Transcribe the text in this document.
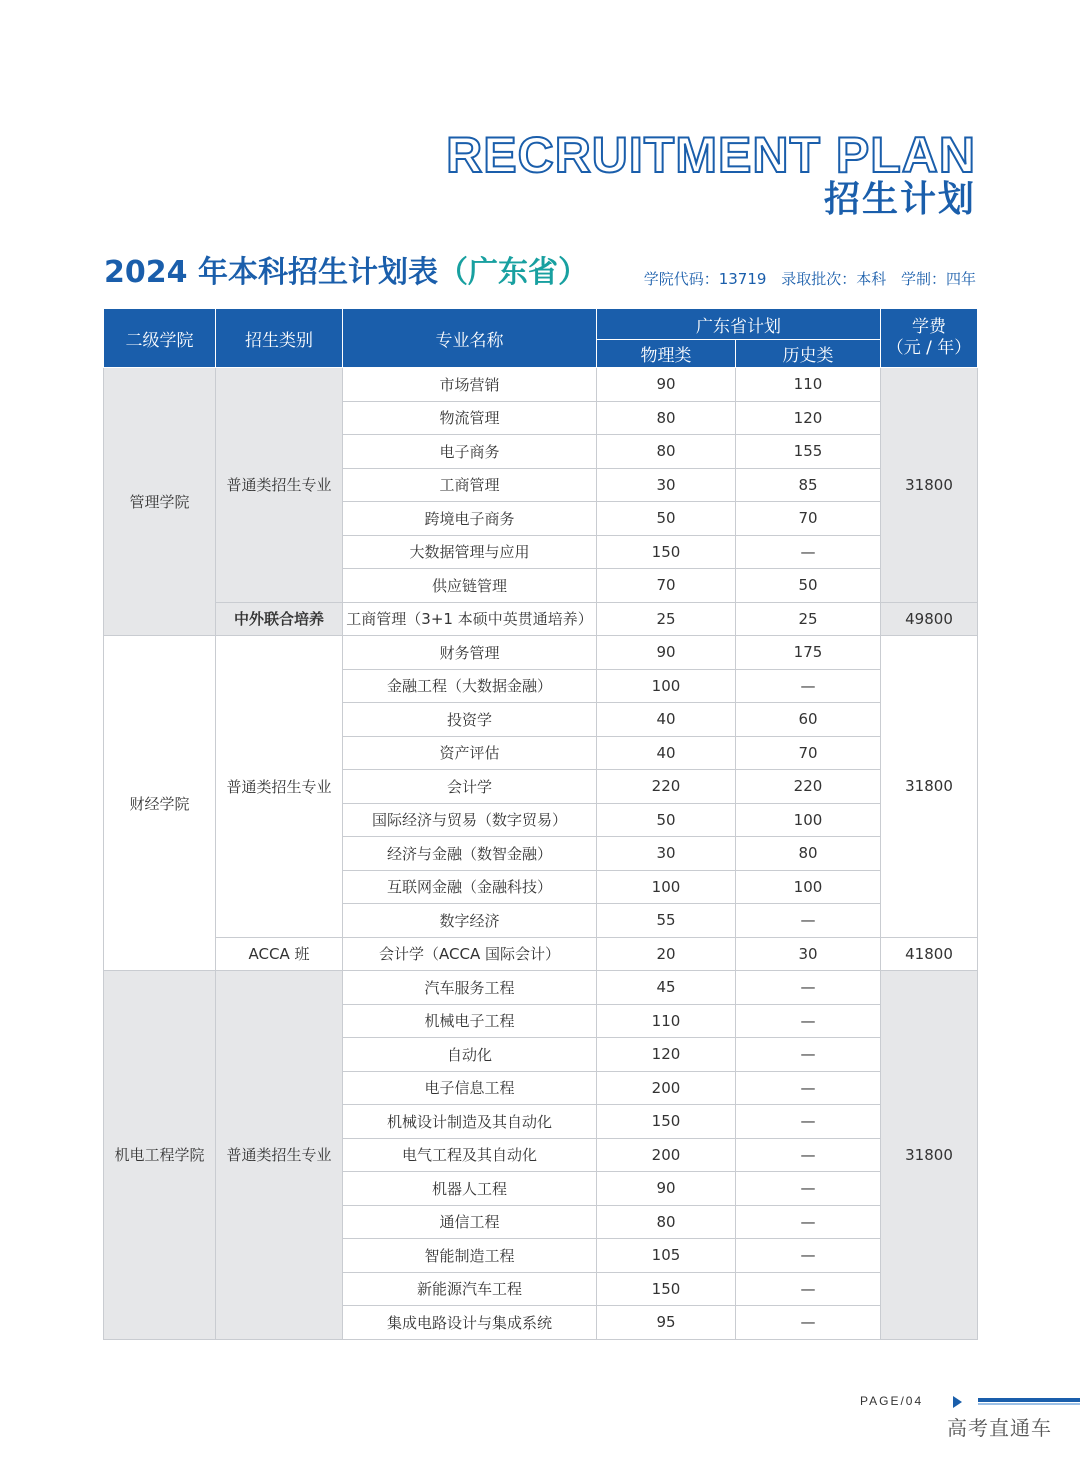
RECRUITMENT PLAN
招生计划
2024 年本科招生计划表（广东省）	学院代码：13719 录取批次：本科 学制：四年
二级学院	招生类别	专业名称	广东省计划		学费
（元 / 年）

			物理类	历史类	
管理学院	普通类招生专业	市场营销	90	110	31800
		物流管理	80	120	
		电子商务	80	155	
		工商管理	30	85	
		跨境电子商务	50	70	
		大数据管理与应用	150	—	
		供应链管理	70	50	
	中外联合培养	工商管理（3+1 本硕中英贯通培养）	25	25	49800
财经学院	普通类招生专业	财务管理	90	175	31800
		金融工程（大数据金融）	100	—	
		投资学	40	60	
		资产评估	40	70	
		会计学	220	220	
		国际经济与贸易（数字贸易）	50	100	
		经济与金融（数智金融）	30	80	
		互联网金融（金融科技）	100	100	
		数字经济	55	—	
	ACCA 班	会计学（ACCA 国际会计）	20	30	41800
机电工程学院	普通类招生专业	汽车服务工程	45	—	31800
		机械电子工程	110	—	
		自动化	120	—	
		电子信息工程	200	—	
		机械设计制造及其自动化	150	—	
		电气工程及其自动化	200	—	
		机器人工程	90	—	
		通信工程	80	—	
		智能制造工程	105	—	
		新能源汽车工程	150	—	
		集成电路设计与集成系统	95	—	
PAGE/04
高考直通车
